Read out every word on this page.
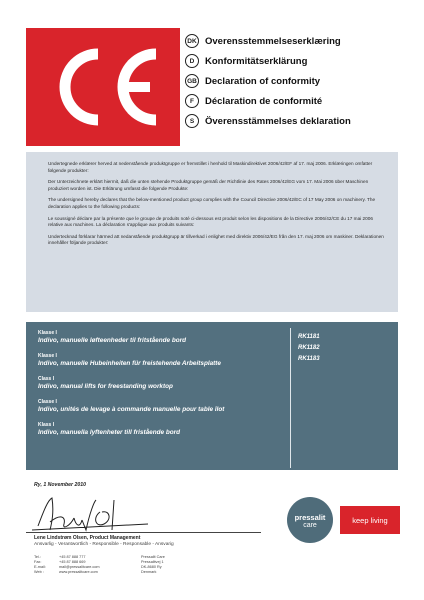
DK Overensstemmelseserklæring
D	Konformitätserklärung
GB Declaration of conformity
F	Déclaration de conformité
S	Överensstämmelses deklaration

Undertegnede erklærer herved at nedenstående produktgruppe er fremstillet i henhold til Maskindirektivet 2006/42/EF af 17. maj 2006. Erklæringen omfatter følgende produkter:

Der Unterzeichnete erklärt hiermit, daß die unten stehende Produktgruppe gemäß der Richtlinie des Rates 2006/42/EG vom 17. Mai 2006 über Maschinen produziert worden ist. Die Erklärung umfasst die folgende Produkte:

The undersigned hereby declares that the below-mentioned product group complies with the Council Directive 2006/42/EC of 17 May 2006 on machinery. The declaration applies to the following products:

Le soussigné déclare par la présente que le groupe de produits noté ci-dessous est produit selon les dispositions de la Directive 2006/42/CE du 17 mai 2006 relative aux machines. La déclaration s'applique aux produits suivants:

Undertecknad förklarar härmed att nedanstående produktgrupp är tillverkad i enlighet med direktiv 2006/42/EG från den 17. maj 2006 om maskiner. Deklarationen innehåller följande produkter:

Klasse I
Indivo, manuelle løfteenheder til fritstående bord
Klasse I
Indivo, manuelle Hubeinheiten für freistehende Arbeitsplatte
Class I
Indivo, manual lifts for freestanding worktop
Classe I
Indivo, unités de levage à commande manuelle pour table îlot
Klass I
Indivo, manuella lyftenheter till fristående bord
RK1181
RK1182
RK1183
Ry, 1 November 2010
Lene Lindstrøm Olsen, Product Management
Ansvarlig - Verantwortlich - Responsible - Responsable - Ansvarig
Tel.:	+45 87 888 777	Pressalit Care
Fax:	+45 87 888 669	Pressalitvej 1
E-mail:	mail@pressalitcare.com	DK-8680 Ry
Web :	www.pressalitcare.com	Denmark
pressalit
care
keep living
